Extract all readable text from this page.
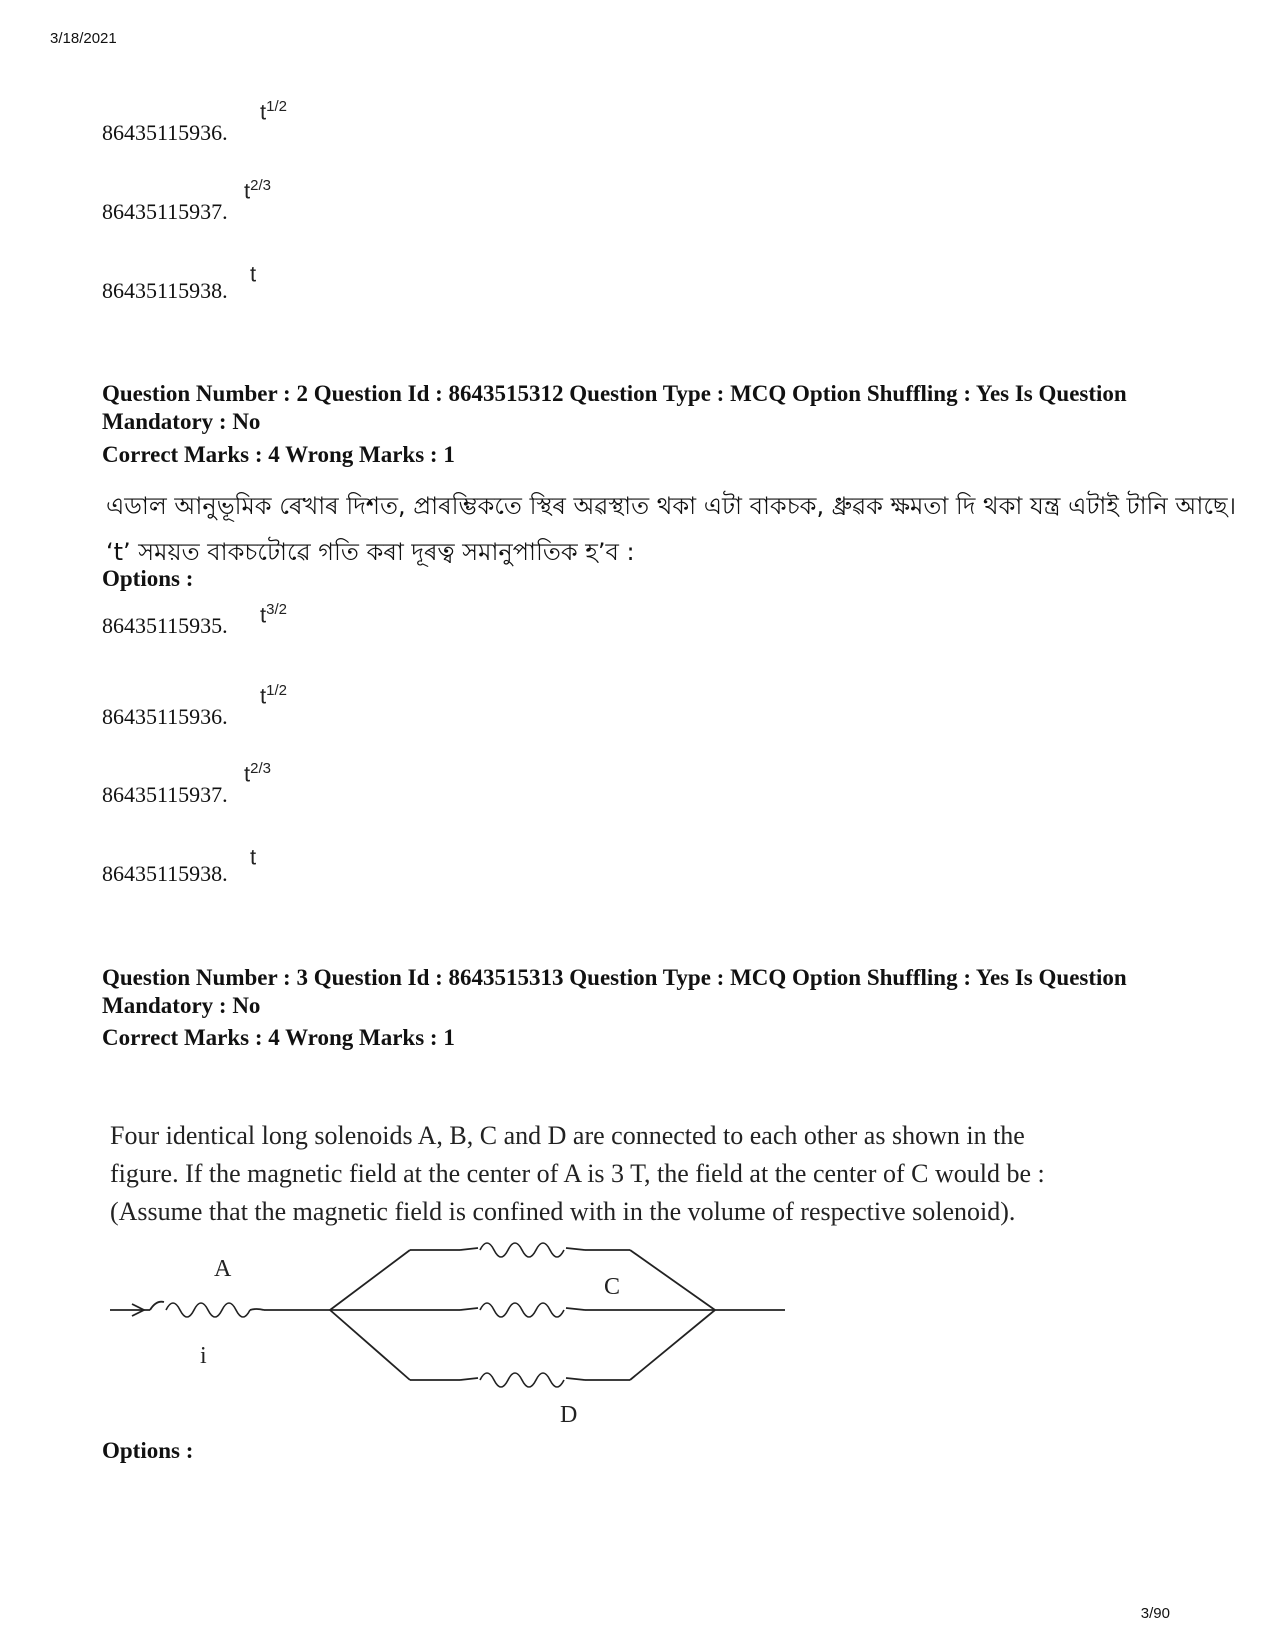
3/18/2021
86435115936.
$t^{1/2}$
86435115937.
$t^{2/3}$
86435115938.
t
Question Number : 2 Question Id : 8643515312 Question Type : MCQ Option Shuffling : Yes Is Question Mandatory : No
Correct Marks : 4 Wrong Marks : 1
এডাল আনুভূমিক ৰেখাৰ দিশত, প্ৰাৰম্ভিকতে স্থিৰ অৱস্থাত থকা এটা বাকচক, ধ্ৰুৱক ক্ষমতা দি থকা যন্ত্ৰ এটাই টানি আছে।
‘t’ সময়ত বাকচটোৱে গতি কৰা দূৰত্ব সমানুপাতিক হ’ব :
Options :
86435115935. $t^{3/2}$
86435115936.
$t^{1/2}$
86435115937.
$t^{2/3}$
86435115938.
t
Question Number : 3 Question Id : 8643515313 Question Type : MCQ Option Shuffling : Yes Is Question Mandatory : No
Correct Marks : 4 Wrong Marks : 1
Four identical long solenoids A, B, C and D are connected to each other as shown in the
figure. If the magnetic field at the center of A is 3 T, the field at the center of C would be :
(Assume that the magnetic field is confined with in the volume of respective solenoid).
A
C
D
i
Options :
3/90
